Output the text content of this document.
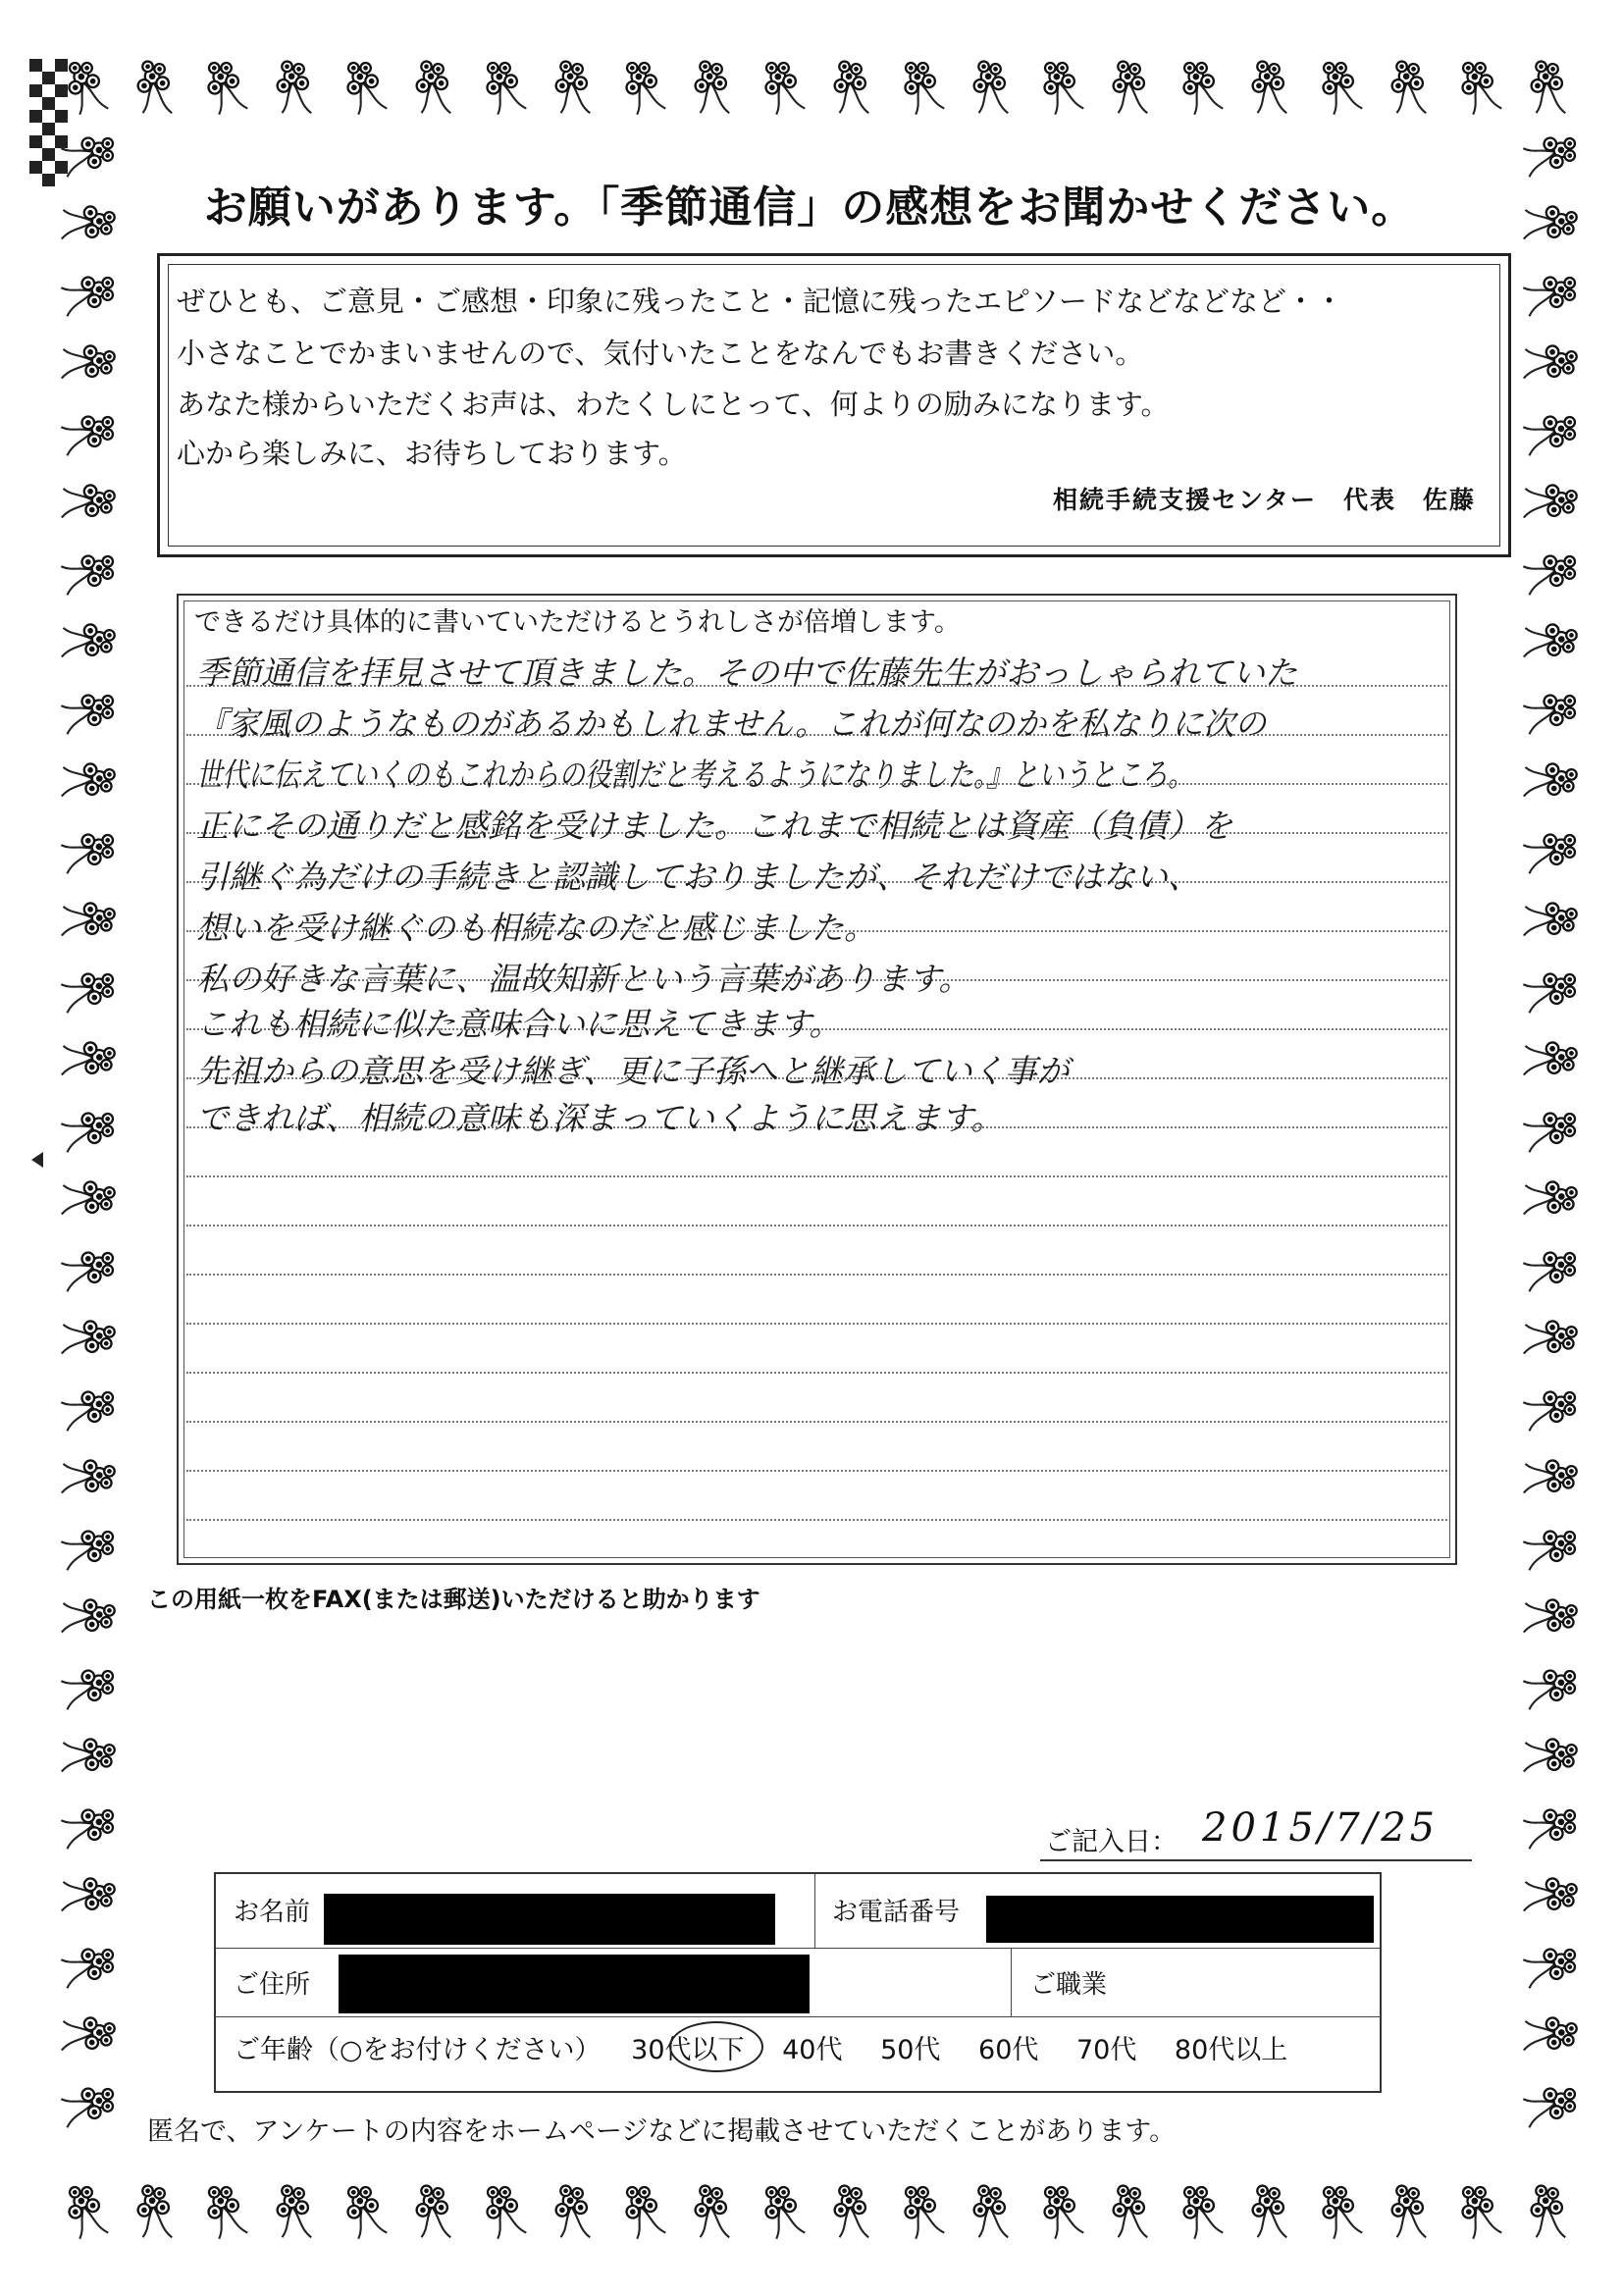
お願いがあります。「季節通信」の感想をお聞かせください。
ぜひとも、ご意見・ご感想・印象に残ったこと・記憶に残ったエピソードなどなどなど・・
小さなことでかまいませんので、気付いたことをなんでもお書きください。
あなた様からいただくお声は、わたくしにとって、何よりの励みになります。
心から楽しみに、お待ちしております。
相続手続支援センター　代表　佐藤
できるだけ具体的に書いていただけるとうれしさが倍増します。
季節通信を拝見させて頂きました。その中で佐藤先生がおっしゃられていた
『家風のようなものがあるかもしれません。これが何なのかを私なりに次の
世代に伝えていくのもこれからの役割だと考えるようになりました。』というところ。
正にその通りだと感銘を受けました。これまで相続とは資産（負債）を
引継ぐ為だけの手続きと認識しておりましたが、それだけではない、
想いを受け継ぐのも相続なのだと感じました。
私の好きな言葉に、温故知新という言葉があります。
これも相続に似た意味合いに思えてきます。
先祖からの意思を受け継ぎ、更に子孫へと継承していく事が
できれば、相続の意味も深まっていくように思えます。
この用紙一枚をFAX(または郵送)いただけると助かります
ご記入日： 2015/7/25
お名前	お電話番号
ご住所	ご職業
ご年齢（○をお付けください） 30代以下 40代 50代 60代 70代 80代以上
匿名で、アンケートの内容をホームページなどに掲載させていただくことがあります。
